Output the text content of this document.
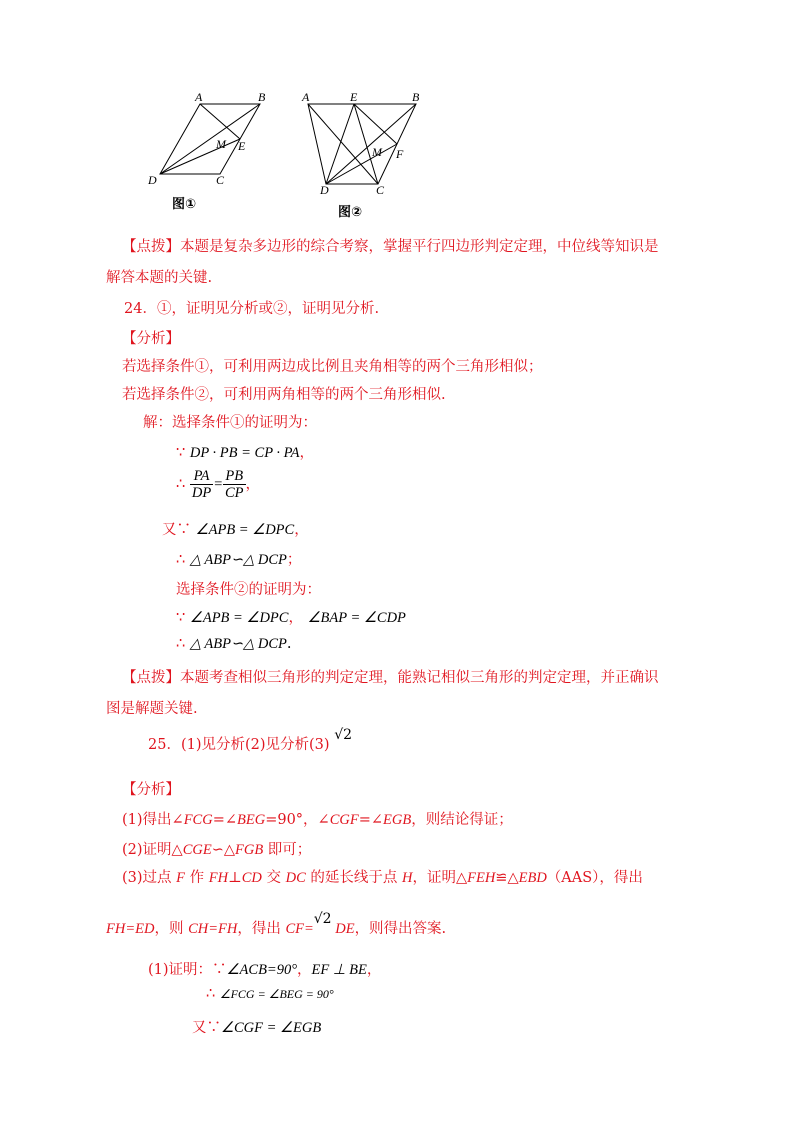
A	B
M E
D	C
图①
A	E	B
M F
D	C
图②
【点拨】本题是复杂多边形的综合考察，掌握平行四边形判定定理，中位线等知识是
解答本题的关键.
24．①，证明见分析或②，证明见分析.
【分析】
若选择条件①，可利用两边成比例且夹角相等的两个三角形相似；
若选择条件②，可利用两角相等的两个三角形相似.
解：选择条件①的证明为：
∵ DP · PB = CP · PA，
∴ $\frac{PA}{DP} = \frac{PB}{CP}$ ，
又∵ ∠APB = ∠DPC，
∴ △ ABP∽△ DCP；
选择条件②的证明为：
∵ ∠APB = ∠DPC， ∠BAP = ∠CDP
∴ △ ABP∽△ DCP.
【点拨】本题考查相似三角形的判定定理，能熟记相似三角形的判定定理，并正确识
图是解题关键.
25．(1)见分析(2)见分析(3) √2
【分析】
(1)得出∠FCG=∠BEG=90°，∠CGF=∠EGB，则结论得证；
(2)证明△CGE∽△FGB 即可；
(3)过点 F 作 FH⊥CD 交 DC 的延长线于点 H，证明△FEH≌△EBD（AAS），得出
FH=ED，则 CH=FH，得出 CF=√2 DE，则得出答案.
(1)证明：∵∠ACB=90°，EF ⊥ BE，
∴ ∠FCG = ∠BEG = 90°
又∵∠CGF = ∠EGB
